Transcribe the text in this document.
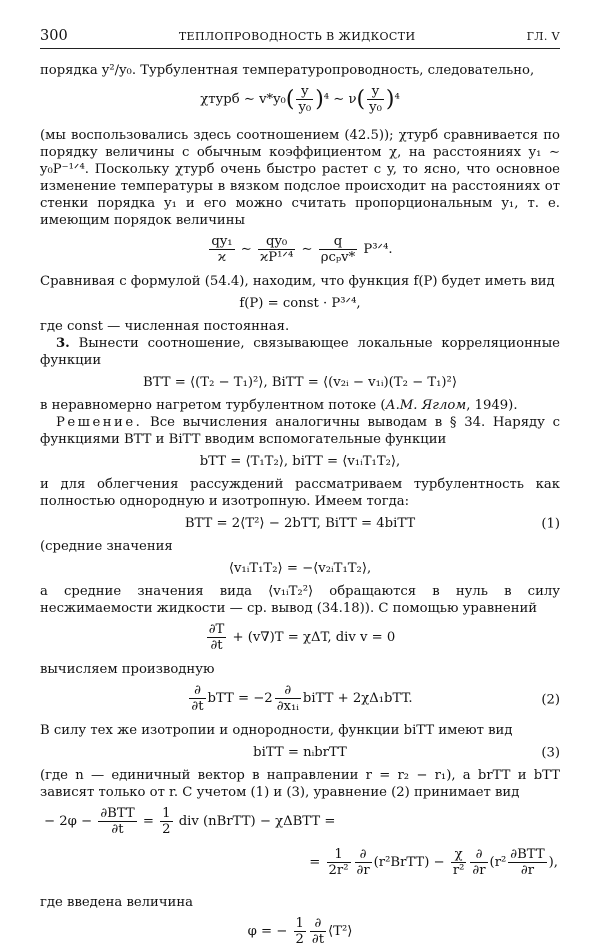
300	ТЕПЛОПРОВОДНОСТЬ В ЖИДКОСТИ	ГЛ. V

порядка y²/y₀. Турбулентная температуропроводность, следовательно,

χтурб ∼ $v*y_0( \frac{y}{\text{y₀}} )^4$ ∼ $\nu( \frac{y}{\text{y₀}} )^4$

(мы воспользовались здесь соотношением (42.5)); χтурб сравнивается по порядку величины с обычным коэффициентом χ, на расстояниях y₁ ∼ y₀P⁻¹ᐟ⁴. Поскольку χтурб очень быстро растет с y, то ясно, что основное изменение температуры в вязком подслое происходит на расстояниях от стенки порядка y₁ и его можно считать пропорциональным y₁, т. е. имеющим порядок величины

$\frac{\text{qy₁}}{ϰ}$ ∼ $\frac{\text{qy₀}}{\text{ϰP¹ᐟ⁴}}$ ∼ $\frac{q}{\text{ρcₚv*}}$ P³ᐟ⁴.

Сравнивая с формулой (54.4), находим, что функция f(P) будет иметь вид

f(P) = const · P³ᐟ⁴,

где const — численная постоянная.

3. Вынести соотношение, связывающее локальные корреляционные функции

BTT = ⟨(T₂ − T₁)²⟩, BiTT = ⟨(v₂ᵢ − v₁ᵢ)(T₂ − T₁)²⟩

в неравномерно нагретом турбулентном потоке (А.М. Яглом, 1949).

Решение. Все вычисления аналогичны выводам в § 34. Наряду с функциями BTT и BiTT вводим вспомогательные функции

bTT = ⟨T₁T₂⟩, biTT = ⟨v₁ᵢT₁T₂⟩,

и для облегчения рассуждений рассматриваем турбулентность как полностью однородную и изотропную. Имеем тогда:

BTT = 2⟨T²⟩ − 2bTT, BiTT = 4biTT	(1)

(средние значения

⟨v₁ᵢT₁T₂⟩ = −⟨v₂ᵢT₁T₂⟩,

а средние значения вида ⟨v₁ᵢT₂²⟩ обращаются в нуль в силу несжимаемости жидкости — ср. вывод (34.18)). С помощью уравнений

$\frac{\partial T}{\partial t} + (v\nabla)T = \chi\Delta T$, div v = 0

вычисляем производную

$\frac{\partial}{\partial t}$ bTT = $-2 \frac{\partial}{\text{∂x₁ᵢ}}$ biTT + 2χΔ₁bTT.	(2)

В силу тех же изотропии и однородности, функции biTT имеют вид

biTT = nᵢbrTT	(3)

(где n — единичный вектор в направлении r = r₂ − r₁), а brTT и bTT зависят только от r. С учетом (1) и (3), уравнение (2) принимает вид

− $2\varphi - \frac{\text{∂BTT}}{\partial t} = \frac{1}{2}$ div (nBrTT) − χΔBTT =
= $\frac{1}{\text{2r²}} \frac{\partial}{\partial r}$ (r²BrTT) − $\frac{\chi}{\text{r²}} \frac{\partial}{\partial r} (r^2 \frac{\text{∂BTT}}{\partial r}$ ),

где введена величина

φ = − $\frac{1}{2} \frac{\partial}{\partial t}$ ⟨T²⟩
